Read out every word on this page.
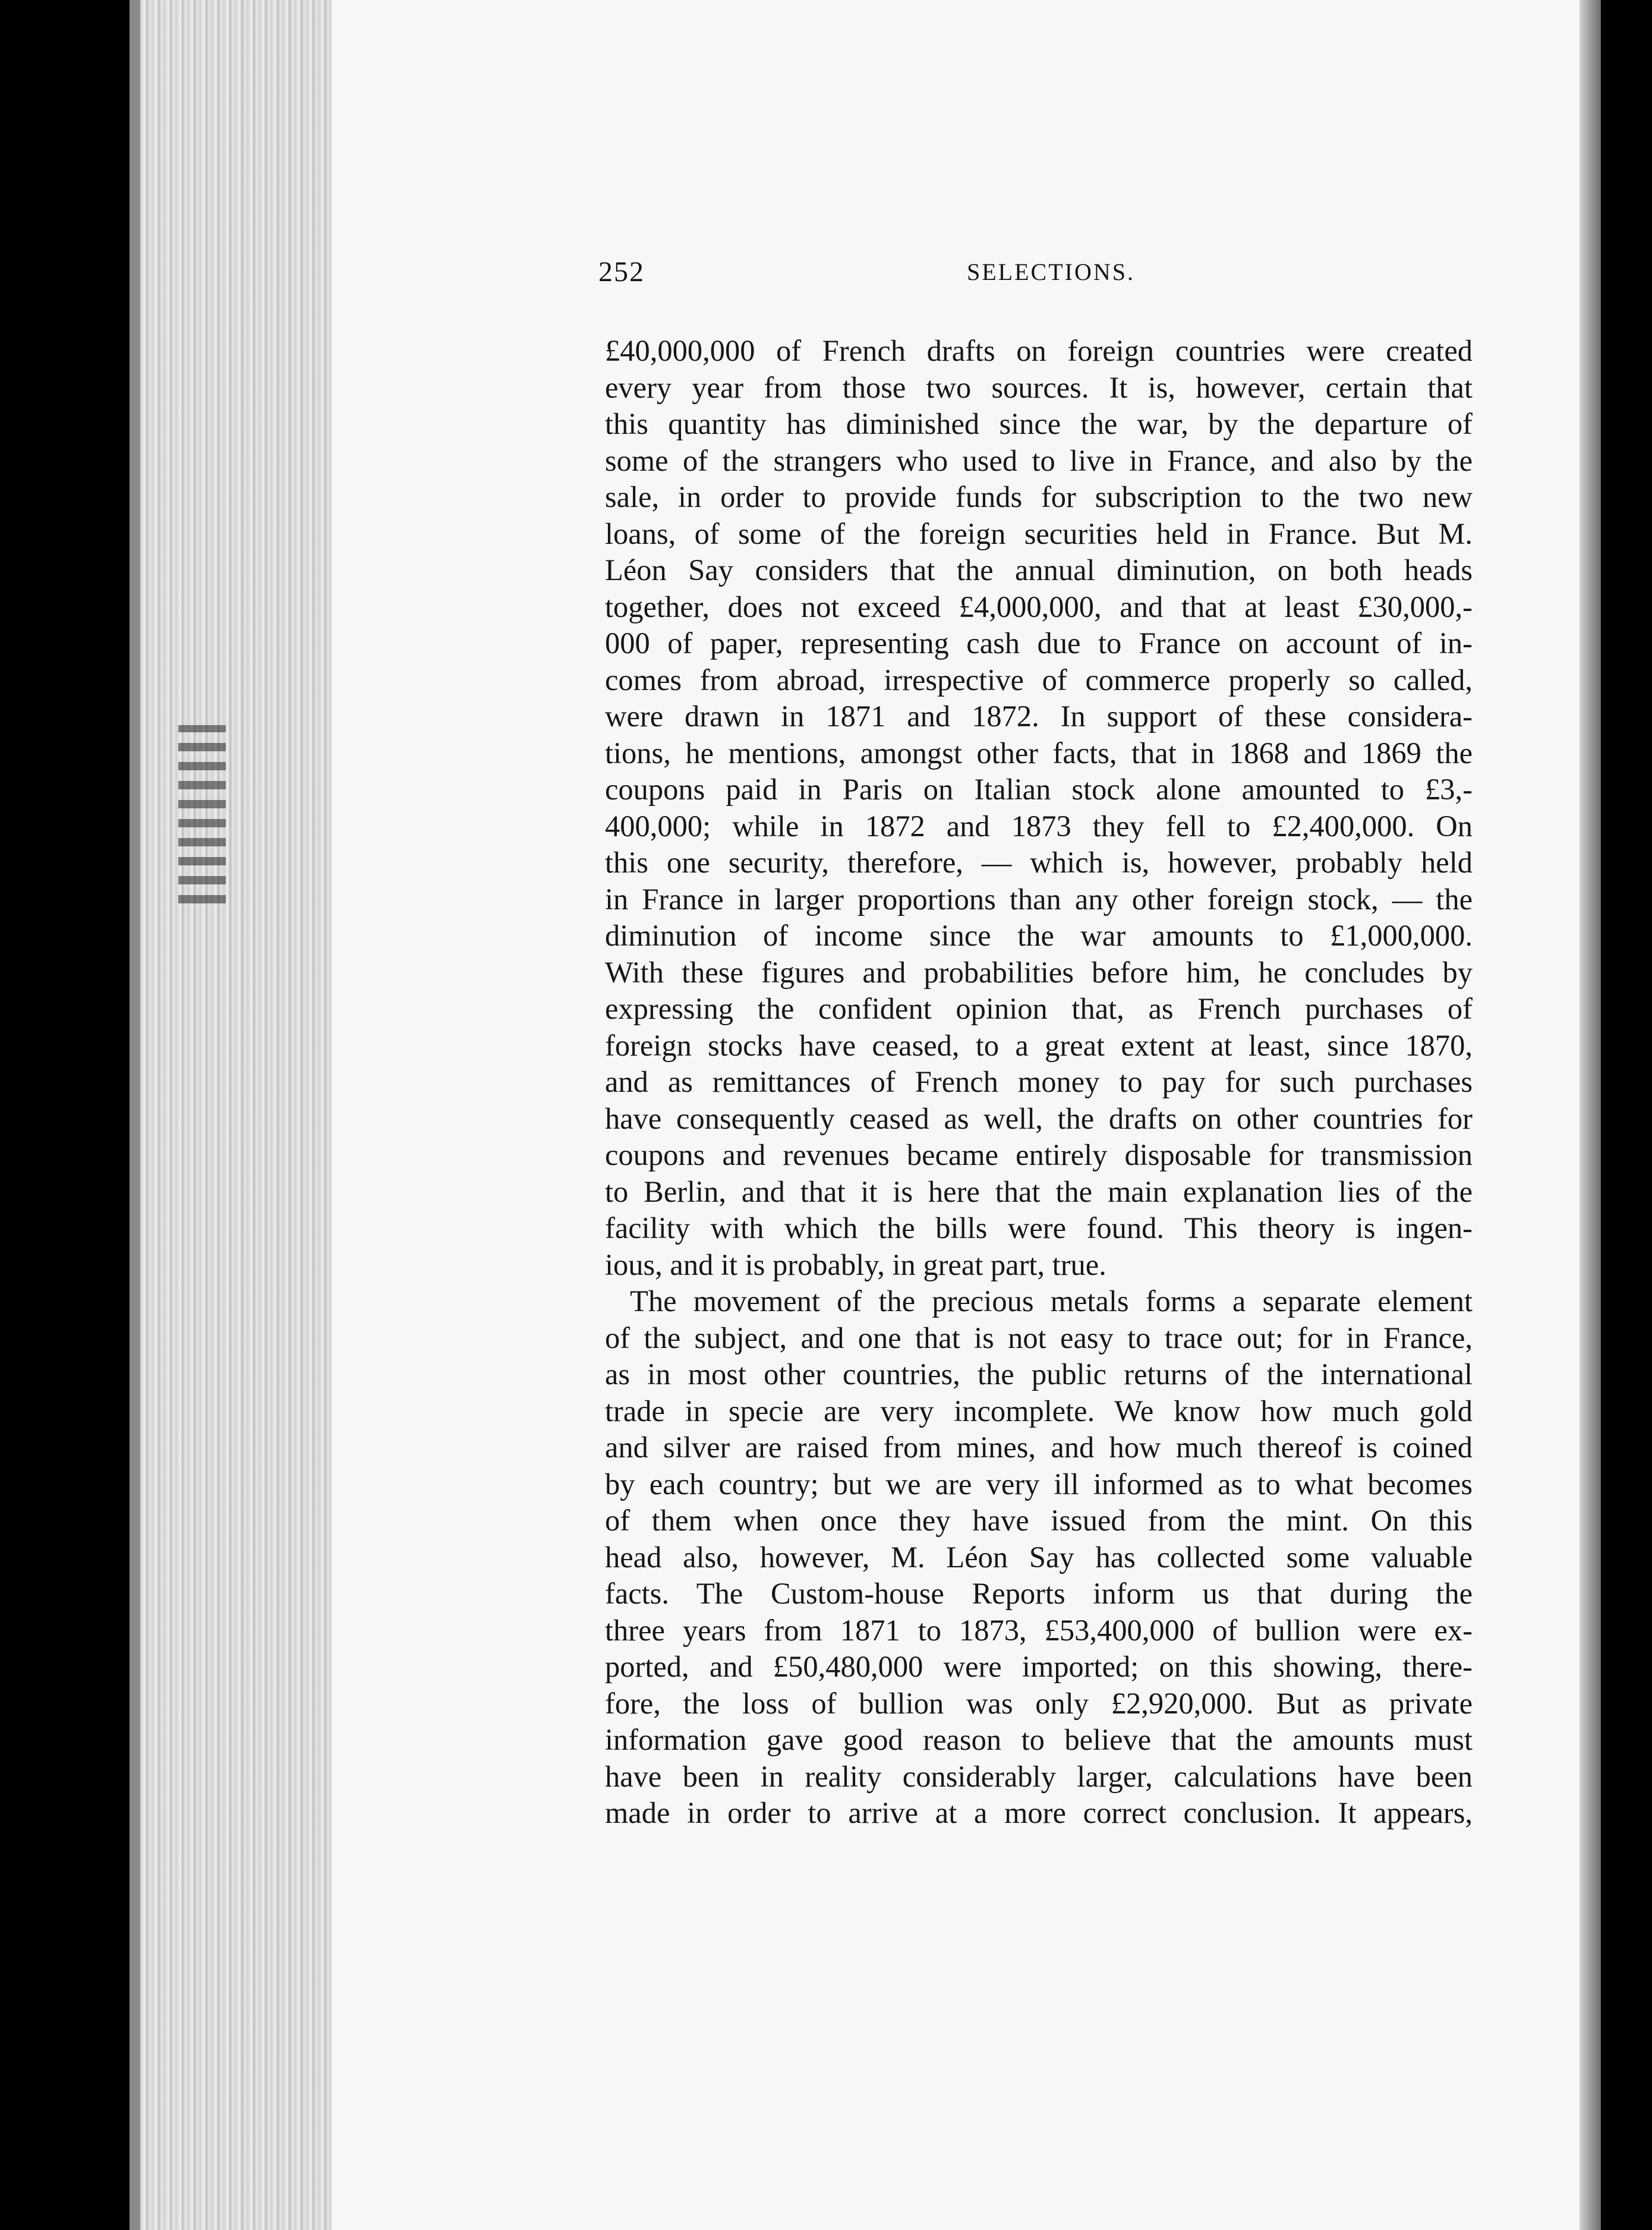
252	SELECTIONS.
£40,000,000 of French drafts on foreign countries were created
every year from those two sources. It is, however, certain that
this quantity has diminished since the war, by the departure of
some of the strangers who used to live in France, and also by the
sale, in order to provide funds for subscription to the two new
loans, of some of the foreign securities held in France. But M.
Léon Say considers that the annual diminution, on both heads
together, does not exceed £4,000,000, and that at least £30,000,-
000 of paper, representing cash due to France on account of in-
comes from abroad, irrespective of commerce properly so called,
were drawn in 1871 and 1872. In support of these considera-
tions, he mentions, amongst other facts, that in 1868 and 1869 the
coupons paid in Paris on Italian stock alone amounted to £3,-
400,000; while in 1872 and 1873 they fell to £2,400,000. On
this one security, therefore, — which is, however, probably held
in France in larger proportions than any other foreign stock, — the
diminution of income since the war amounts to £1,000,000.
With these figures and probabilities before him, he concludes by
expressing the confident opinion that, as French purchases of
foreign stocks have ceased, to a great extent at least, since 1870,
and as remittances of French money to pay for such purchases
have consequently ceased as well, the drafts on other countries for
coupons and revenues became entirely disposable for transmission
to Berlin, and that it is here that the main explanation lies of the
facility with which the bills were found. This theory is ingen-
ious, and it is probably, in great part, true.
The movement of the precious metals forms a separate element
of the subject, and one that is not easy to trace out; for in France,
as in most other countries, the public returns of the international
trade in specie are very incomplete. We know how much gold
and silver are raised from mines, and how much thereof is coined
by each country; but we are very ill informed as to what becomes
of them when once they have issued from the mint. On this
head also, however, M. Léon Say has collected some valuable
facts. The Custom-house Reports inform us that during the
three years from 1871 to 1873, £53,400,000 of bullion were ex-
ported, and £50,480,000 were imported; on this showing, there-
fore, the loss of bullion was only £2,920,000. But as private
information gave good reason to believe that the amounts must
have been in reality considerably larger, calculations have been
made in order to arrive at a more correct conclusion. It appears,
